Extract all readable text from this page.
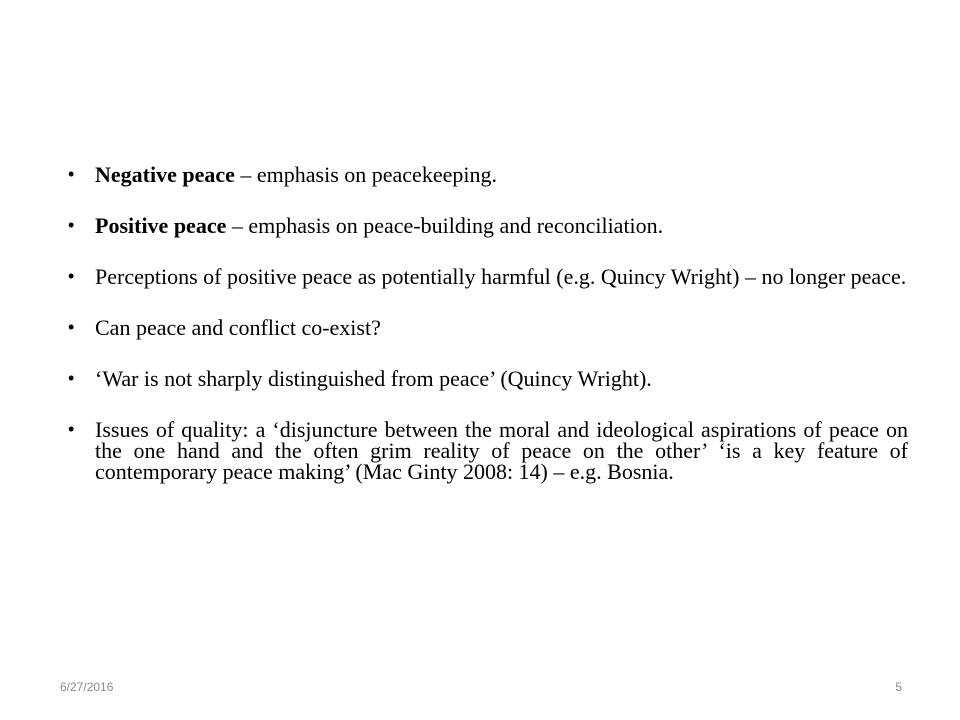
• Negative peace – emphasis on peacekeeping.
• Positive peace – emphasis on peace-building and reconciliation.
• Perceptions of positive peace as potentially harmful (e.g. Quincy Wright) – no longer peace.
• Can peace and conflict co-exist?
• ‘War is not sharply distinguished from peace’ (Quincy Wright).
• Issues of quality: a ‘disjuncture between the moral and ideological aspirations of peace on the one hand and the often grim reality of peace on the other’ ‘is a key feature of contemporary peace making’ (Mac Ginty 2008: 14) – e.g. Bosnia.
6/27/2016	5
